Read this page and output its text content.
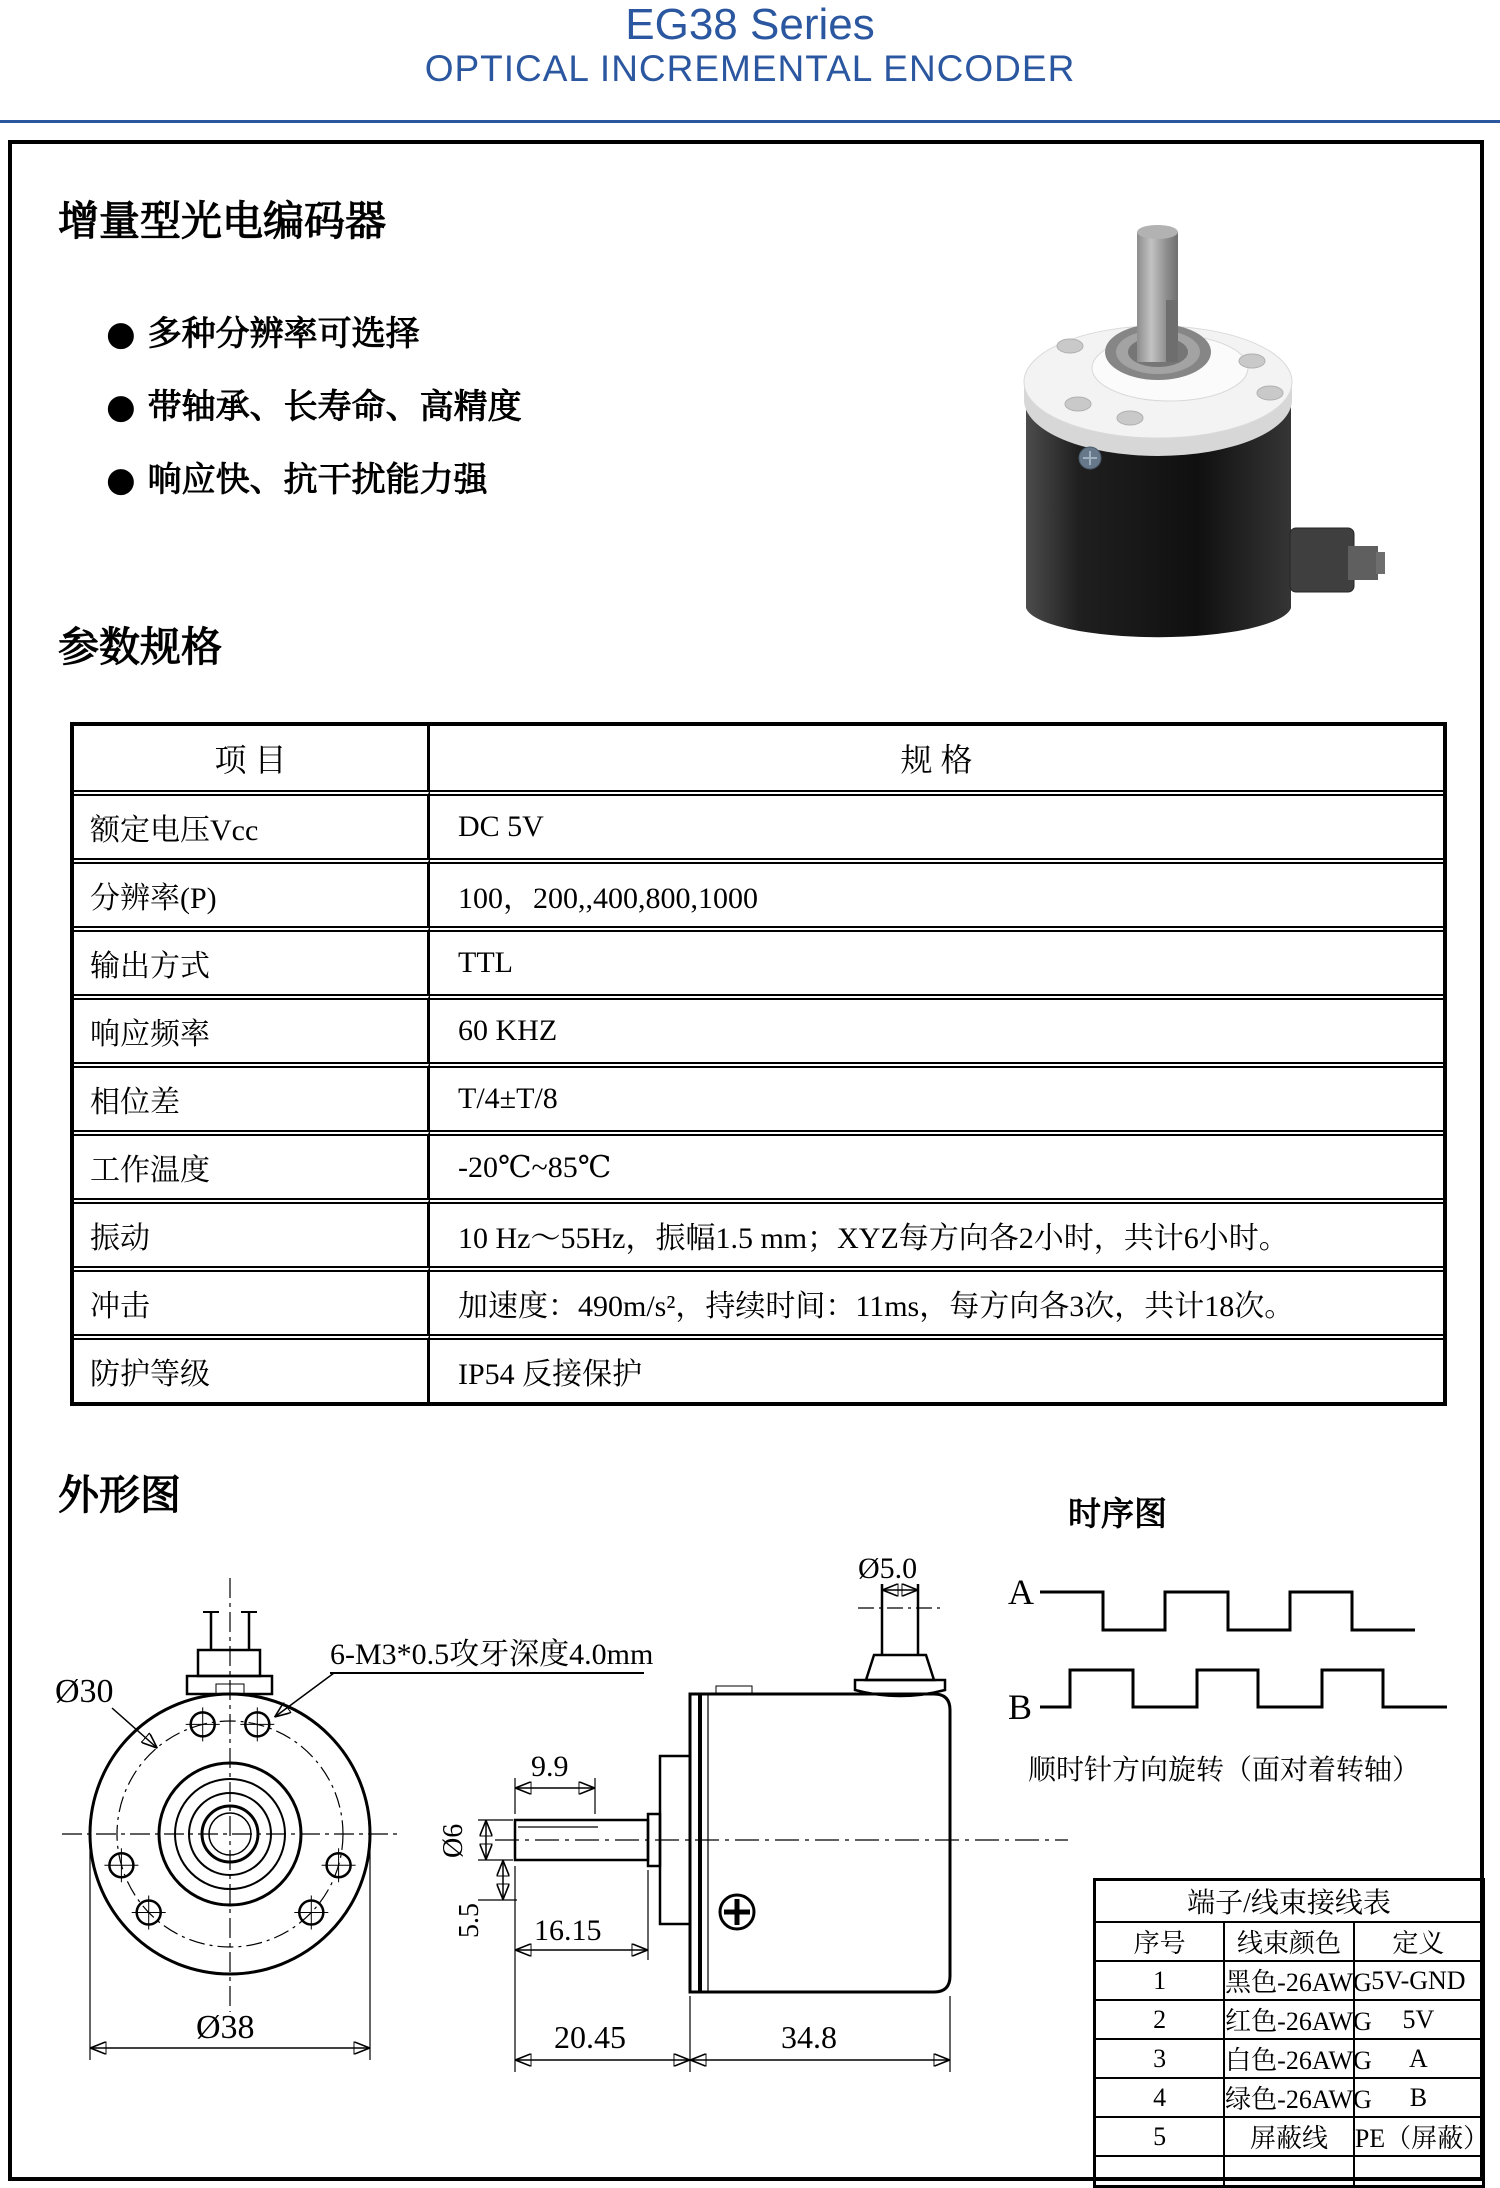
EG38 Series
OPTICAL INCREMENTAL ENCODER
增量型光电编码器
● 多种分辨率可选择
● 带轴承、长寿命、高精度
● 响应快、抗干扰能力强
参数规格
项 目	规 格
额定电压Vcc	DC 5V
分辨率(P)	100，200,,400,800,1000
输出方式	TTL
响应频率	60 KHZ
相位差	T/4±T/8
工作温度	-20℃~85℃
振动	10 Hz～55Hz，振幅1.5 mm；XYZ每方向各2小时，共计6小时。
冲击	加速度：490m/s²，持续时间：11ms，每方向各3次，共计18次。
防护等级	IP54 反接保护
外形图	时序图
顺时针方向旋转（面对着转轴）
Ø30
6-M3*0.5攻牙深度4.0mm
Ø38
Ø5.0
9.9
Ø6
5.5 16.15
20.45	34.8
A
B
端子/线束接线表		
序号	线束颜色	定义
1	黑色-26AWG	5V-GND
2	红色-26AWG	5V
3	白色-26AWG	A
4	绿色-26AWG	B
5	屏蔽线	PE（屏蔽）
